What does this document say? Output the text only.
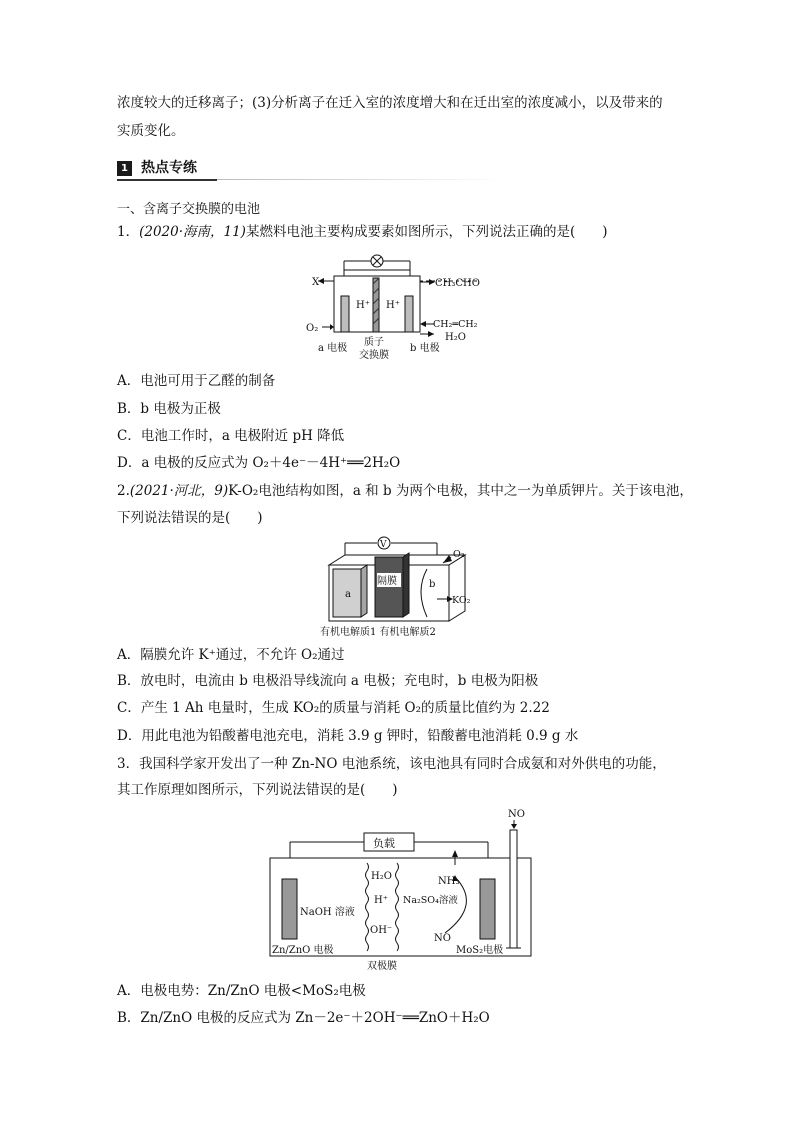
浓度较大的迁移离子；(3)分析离子在迁入室的浓度增大和在迁出室的浓度减小，以及带来的
实质变化。
1 热点专练
一、含离子交换膜的电池
1．(2020·海南，11)某燃料电池主要构成要素如图所示，下列说法正确的是(　　)
X
O₂
H⁺ H⁺
CH₃CHO
CH₂═CH₂
H₂O
a 电极
质子
交换膜
b 电极
A．电池可用于乙醛的制备
B．b 电极为正极
C．电池工作时，a 电极附近 pH 降低
D．a 电极的反应式为 O₂＋4e⁻－4H⁺══2H₂O
2.(2021·河北，9)K-O₂电池结构如图，a 和 b 为两个电极，其中之一为单质钾片。关于该电池，
下列说法错误的是(　　)
V
a
隔膜	b
O₂
KO₂
有机电解质1 有机电解质2
A．隔膜允许 K⁺通过，不允许 O₂通过
B．放电时，电流由 b 电极沿导线流向 a 电极；充电时，b 电极为阳极
C．产生 1 Ah 电量时，生成 KO₂的质量与消耗 O₂的质量比值约为 2.22
D．用此电池为铅酸蓄电池充电，消耗 3.9 g 钾时，铅酸蓄电池消耗 0.9 g 水
3．我国科学家开发出了一种 Zn-NO 电池系统，该电池具有同时合成氨和对外供电的功能，
其工作原理如图所示，下列说法错误的是(　　)
负载
NO
H₂O
H⁺
OH⁻
NaOH 溶液
Na₂SO₄溶液
NH₃
NO
Zn/ZnO 电极	MoS₂电极
双极膜
A．电极电势：Zn/ZnO 电极<MoS₂电极
B．Zn/ZnO 电极的反应式为 Zn－2e⁻＋2OH⁻══ZnO＋H₂O
